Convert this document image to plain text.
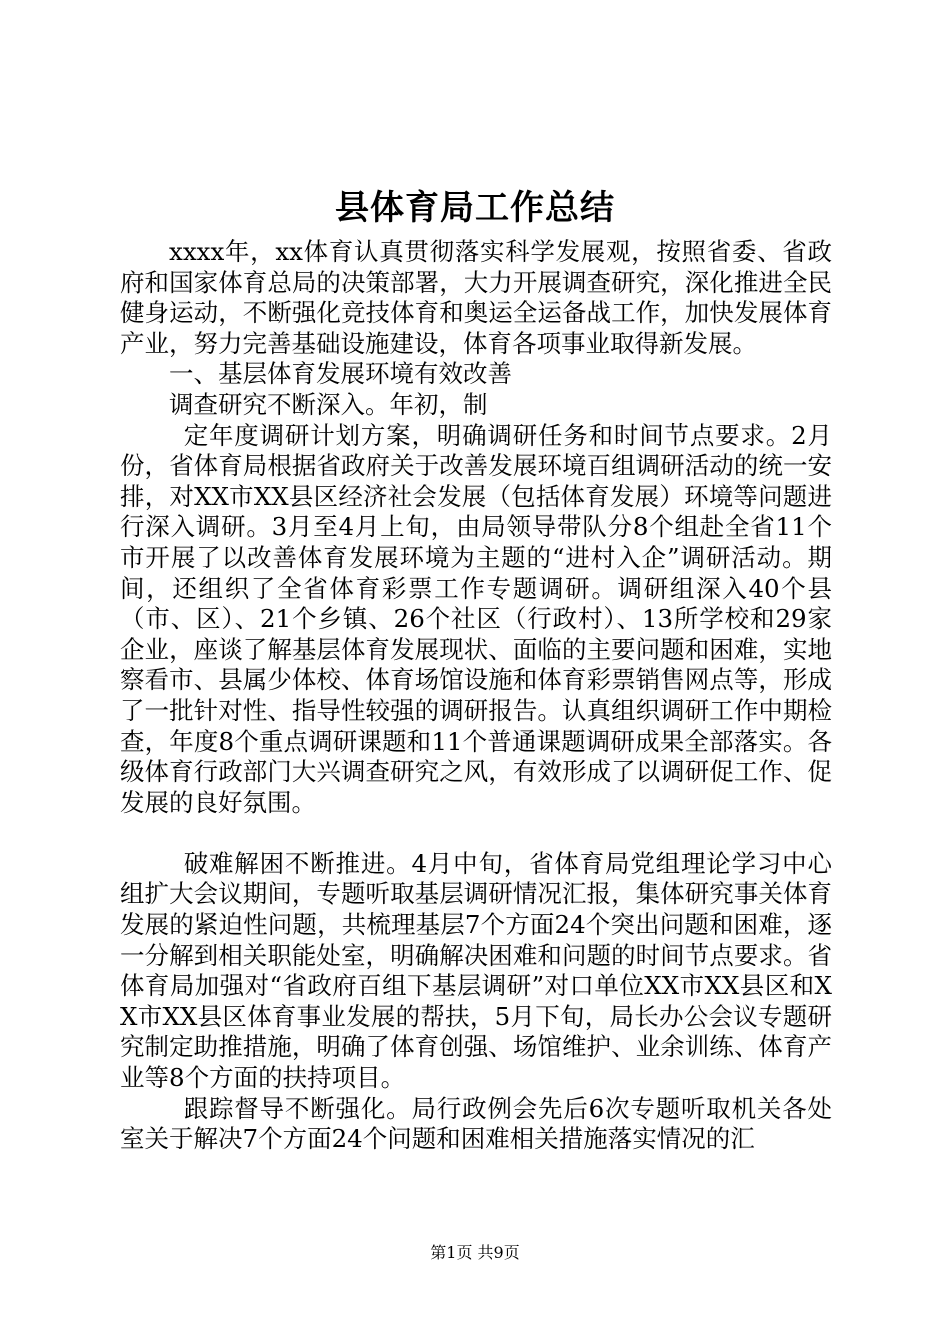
县体育局工作总结

xxxx年，xx体育认真贯彻落实科学发展观，按照省委、省政府和国家体育总局的决策部署，大力开展调查研究，深化推进全民健身运动，不断强化竞技体育和奥运全运备战工作，加快发展体育产业，努力完善基础设施建设，体育各项事业取得新发展。

一、基层体育发展环境有效改善

调查研究不断深入。年初，制

定年度调研计划方案，明确调研任务和时间节点要求。2月份，省体育局根据省政府关于改善发展环境百组调研活动的统一安排，对XX市XX县区经济社会发展（包括体育发展）环境等问题进行深入调研。3月至4月上旬，由局领导带队分8个组赴全省11个市开展了以改善体育发展环境为主题的“进村入企”调研活动。期间，还组织了全省体育彩票工作专题调研。调研组深入40个县（市、区）、21个乡镇、26个社区（行政村）、13所学校和29家企业，座谈了解基层体育发展现状、面临的主要问题和困难，实地察看市、县属少体校、体育场馆设施和体育彩票销售网点等，形成了一批针对性、指导性较强的调研报告。认真组织调研工作中期检查，年度8个重点调研课题和11个普通课题调研成果全部落实。各级体育行政部门大兴调查研究之风，有效形成了以调研促工作、促发展的良好氛围。

破难解困不断推进。4月中旬，省体育局党组理论学习中心组扩大会议期间，专题听取基层调研情况汇报，集体研究事关体育发展的紧迫性问题，共梳理基层7个方面24个突出问题和困难，逐一分解到相关职能处室，明确解决困难和问题的时间节点要求。省体育局加强对“省政府百组下基层调研”对口单位XX市XX县区和XX市XX县区体育事业发展的帮扶，5月下旬，局长办公会议专题研究制定助推措施，明确了体育创强、场馆维护、业余训练、体育产业等8个方面的扶持项目。

跟踪督导不断强化。局行政例会先后6次专题听取机关各处室关于解决7个方面24个问题和困难相关措施落实情况的汇

第1页 共9页
